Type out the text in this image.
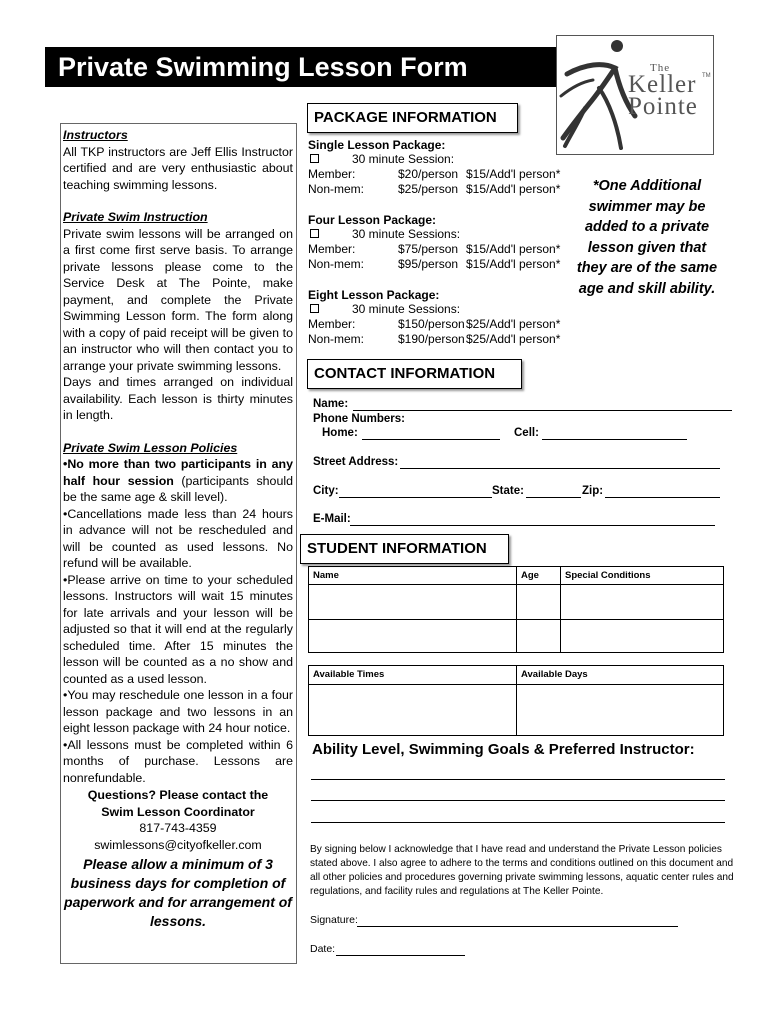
Private Swimming Lesson Form	The
Keller TM
Pointe

Instructors

All TKP instructors are Jeff Ellis Instructor certified and are very enthusiastic about teaching swimming lessons.

Private Swim Instruction

Private swim lessons will be arranged on a first come first serve basis. To arrange private lessons please come to the Service Desk at The Pointe, make payment, and complete the Private Swimming Lesson form. The form along with a copy of paid receipt will be given to an instructor who will then contact you to arrange your private swimming lessons.

Days and times arranged on individual availability. Each lesson is thirty minutes in length.

Private Swim Lesson Policies

•No more than two participants in any half hour session (participants should be the same age & skill level).

•Cancellations made less than 24 hours in advance will not be rescheduled and will be counted as used lessons. No refund will be available.

•Please arrive on time to your scheduled lessons. Instructors will wait 15 minutes for late arrivals and your lesson will be adjusted so that it will end at the regularly scheduled time. After 15 minutes the lesson will be counted as a no show and counted as a used lesson.

•You may reschedule one lesson in a four lesson package and two lessons in an eight lesson package with 24 hour notice.

•All lessons must be completed within 6 months of purchase. Lessons are nonrefundable.

Questions? Please contact the
Swim Lesson Coordinator
817-743-4359
swimlessons@cityofkeller.com
Please allow a minimum of 3 business days for completion of paperwork and for arrangement of lessons.
PACKAGE INFORMATION
Single Lesson Package:
30 minute Session:
Member:	$20/person $15/Add'l person*
Non-mem:	$25/person $15/Add'l person*
Four Lesson Package:
30 minute Sessions:
Member:	$75/person $15/Add'l person*
Non-mem:	$95/person $15/Add'l person*
Eight Lesson Package:
30 minute Sessions:
Member:	$150/person $25/Add'l person*
Non-mem:	$190/person $25/Add'l person*
*One Additional swimmer may be added to a private lesson given that they are of the same age and skill ability.
CONTACT INFORMATION
Name:
Phone Numbers:
Home:	Cell:
Street Address:
City:	State:	Zip:
E-Mail:
STUDENT INFORMATION
Name	Age	Special Conditions
Available Times	Available Days
Ability Level, Swimming Goals & Preferred Instructor:
By signing below I acknowledge that I have read and understand the Private Lesson policies stated above. I also agree to adhere to the terms and conditions outlined on this document and all other policies and procedures governing private swimming lessons, aquatic center rules and regulations, and facility rules and regulations at The Keller Pointe.
Signature:
Date:
